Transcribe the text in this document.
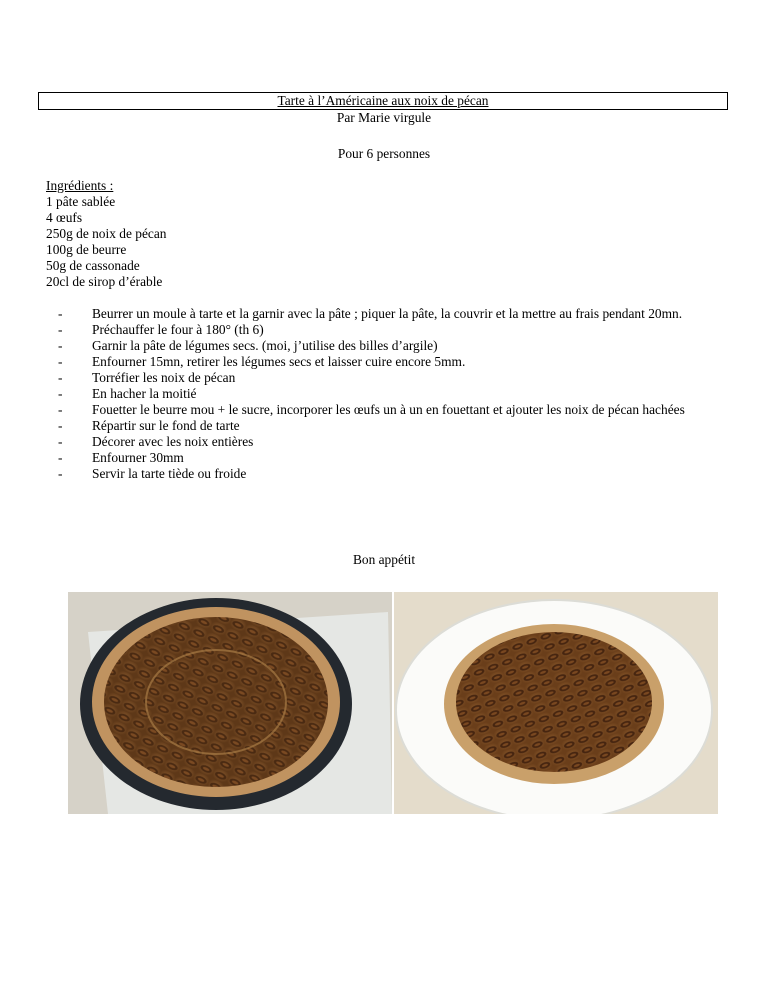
Tarte à l’Américaine aux noix de pécan
Par Marie virgule
Pour 6 personnes
Ingrédients :
1 pâte sablée
4 œufs
250g de noix de pécan
100g de beurre
50g de cassonade
20cl de sirop d’érable
- Beurrer un moule à tarte et la garnir avec la pâte ; piquer la pâte, la couvrir et la mettre au frais pendant 20mn.
- Préchauffer le four à 180° (th 6)
- Garnir la pâte de légumes secs. (moi, j’utilise des billes d’argile)
- Enfourner 15mn, retirer les légumes secs et laisser cuire encore 5mm.
- Torréfier les noix de pécan
- En hacher la moitié
- Fouetter le beurre mou + le sucre, incorporer les œufs un à un en fouettant et ajouter les noix de pécan hachées
- Répartir sur le fond de tarte
- Décorer avec les noix entières
- Enfourner 30mm
- Servir la tarte tiède ou froide
Bon appétit
